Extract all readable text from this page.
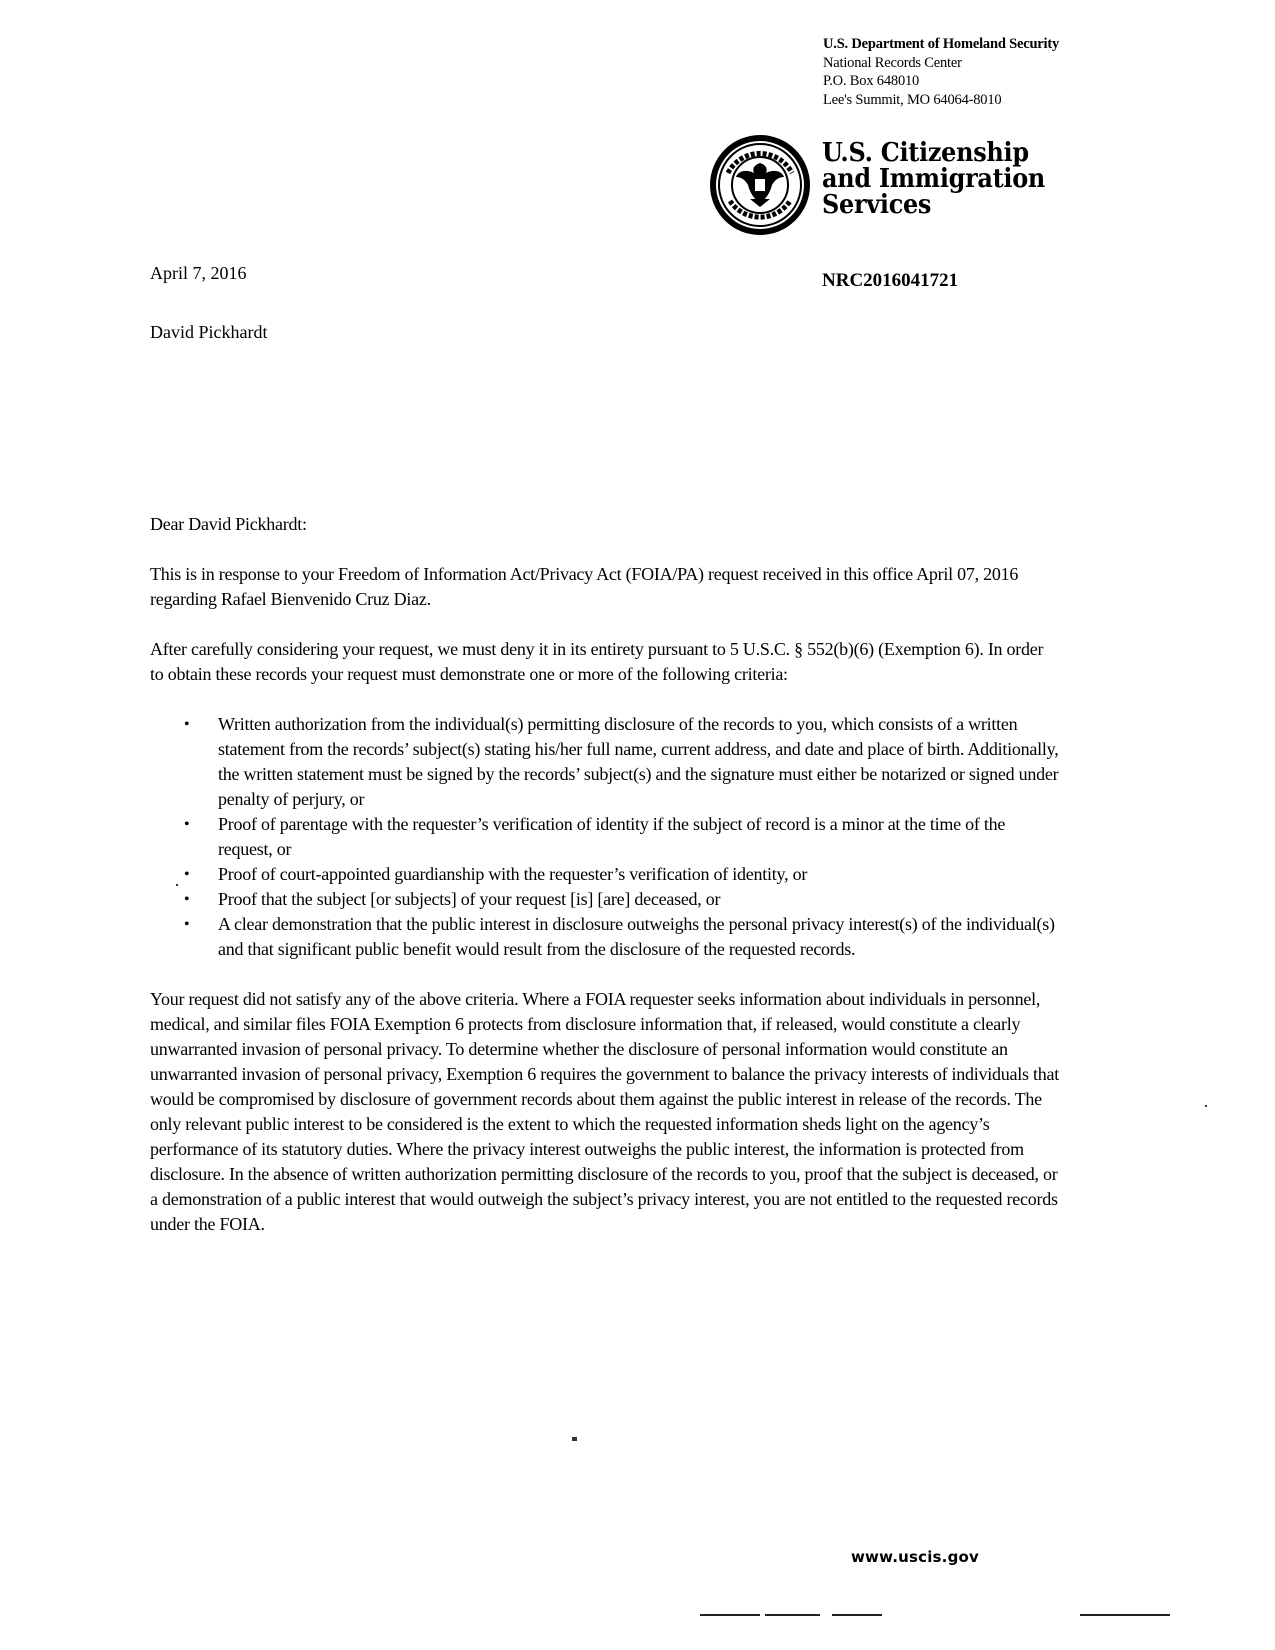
U.S. Department of Homeland Security
National Records Center
P.O. Box 648010
Lee's Summit, MO 64064-8010
U.S. Citizenship
and Immigration
Services
April 7, 2016	NRC2016041721
David Pickhardt

Dear David Pickhardt:

This is in response to your Freedom of Information Act/Privacy Act (FOIA/PA) request received in this office April 07, 2016 regarding Rafael Bienvenido Cruz Diaz.

After carefully considering your request, we must deny it in its entirety pursuant to 5 U.S.C. § 552(b)(6) (Exemption 6). In order to obtain these records your request must demonstrate one or more of the following criteria:

• Written authorization from the individual(s) permitting disclosure of the records to you, which consists of a written statement from the records’ subject(s) stating his/her full name, current address, and date and place of birth. Additionally, the written statement must be signed by the records’ subject(s) and the signature must either be notarized or signed under penalty of perjury, or
• Proof of parentage with the requester’s verification of identity if the subject of record is a minor at the time of the request, or
• Proof of court-appointed guardianship with the requester’s verification of identity, or
• Proof that the subject [or subjects] of your request [is] [are] deceased, or
• A clear demonstration that the public interest in disclosure outweighs the personal privacy interest(s) of the individual(s) and that significant public benefit would result from the disclosure of the requested records.

Your request did not satisfy any of the above criteria. Where a FOIA requester seeks information about individuals in personnel, medical, and similar files FOIA Exemption 6 protects from disclosure information that, if released, would constitute a clearly unwarranted invasion of personal privacy. To determine whether the disclosure of personal information would constitute an unwarranted invasion of personal privacy, Exemption 6 requires the government to balance the privacy interests of individuals that would be compromised by disclosure of government records about them against the public interest in release of the records. The only relevant public interest to be considered is the extent to which the requested information sheds light on the agency’s performance of its statutory duties. Where the privacy interest outweighs the public interest, the information is protected from disclosure. In the absence of written authorization permitting disclosure of the records to you, proof that the subject is deceased, or a demonstration of a public interest that would outweigh the subject’s privacy interest, you are not entitled to the requested records under the FOIA.

www.uscis.gov
